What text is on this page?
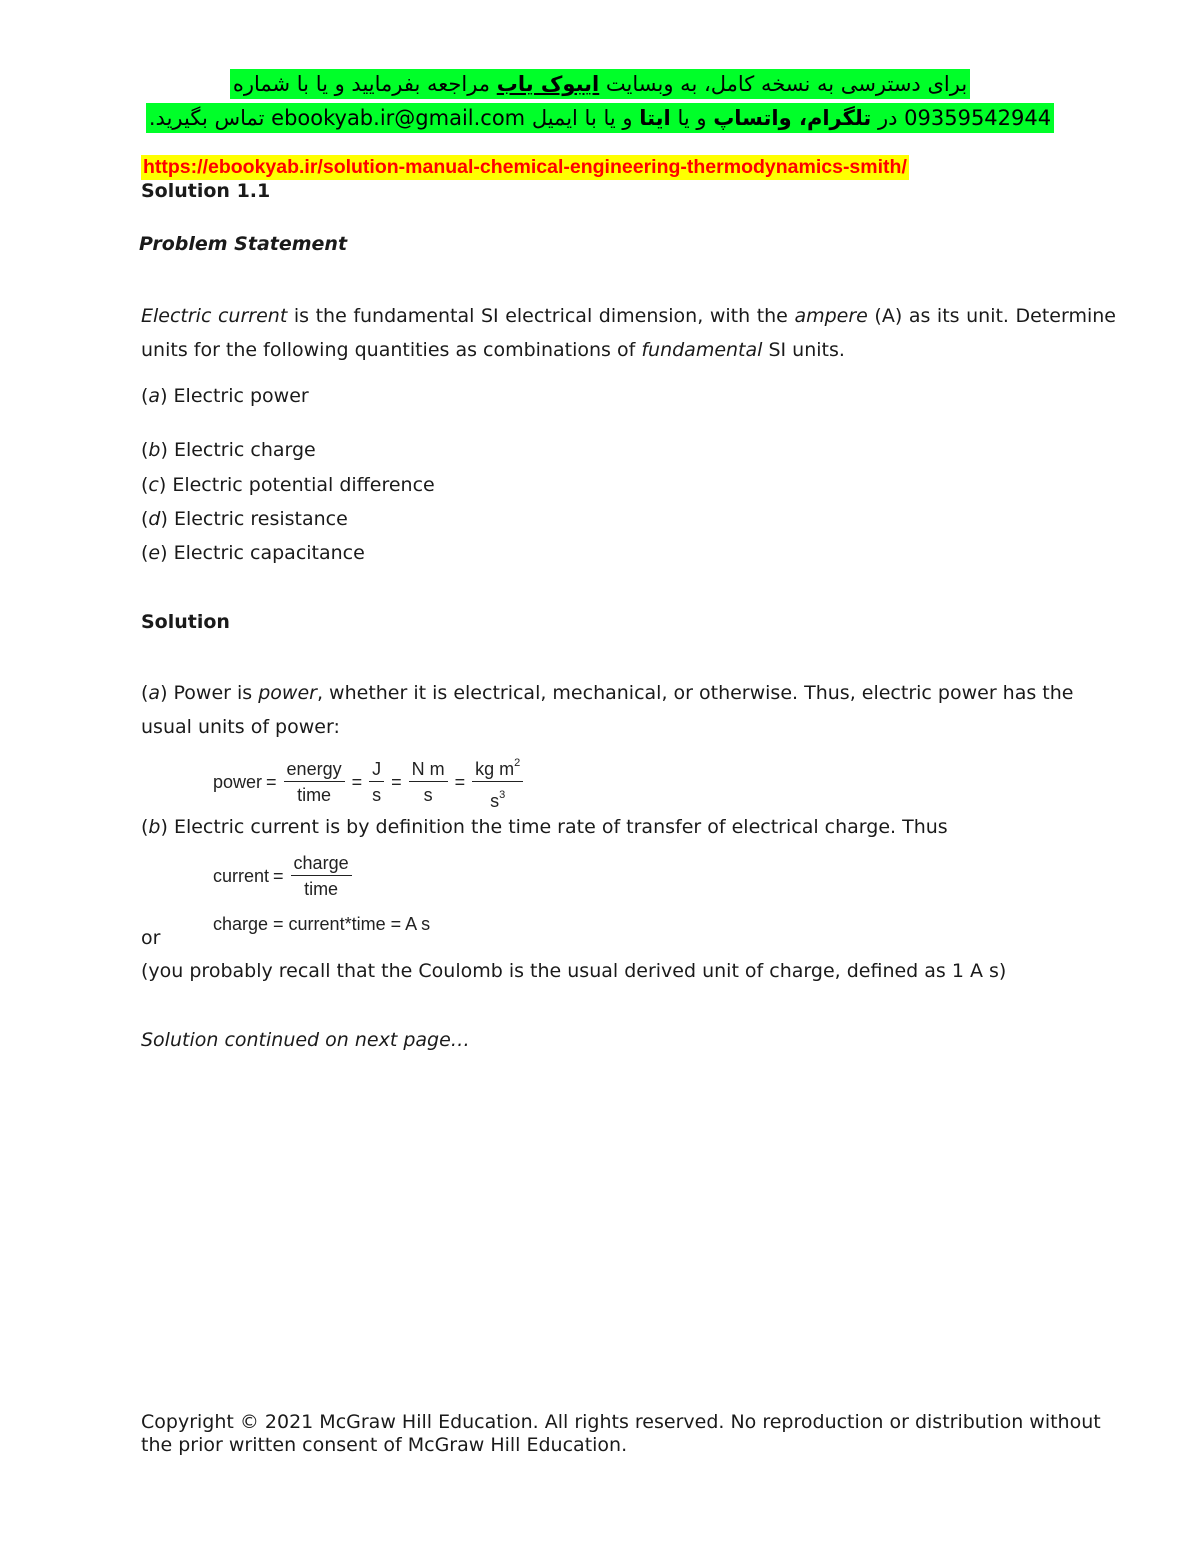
برای دسترسی به نسخه کامل، به وبسایت ایبوک یاب مراجعه بفرمایید و یا با شماره
09359542944 در تلگرام، واتساپ و یا ایتا و یا با ایمیل ebookyab.ir@gmail.com تماس بگیرید.
https://ebookyab.ir/solution-manual-chemical-engineering-thermodynamics-smith/
Solution 1.1
Problem Statement
Electric current is the fundamental SI electrical dimension, with the ampere (A) as its unit. Determine units for the following quantities as combinations of fundamental SI units.
(a) Electric power
(b) Electric charge
(c) Electric potential difference
(d) Electric resistance
(e) Electric capacitance
Solution
(a) Power is power, whether it is electrical, mechanical, or otherwise. Thus, electric power has the usual units of power:
power = $\frac{\text{energy}}{\text{time}} = \frac{J}{s} = \frac{\text{N m}}{s} = \frac{kg m^2}{s^3}$
(b) Electric current is by definition the time rate of transfer of electrical charge. Thus
current = $\frac{\text{charge}}{\text{time}}$
or
charge = current*time = A s
(you probably recall that the Coulomb is the usual derived unit of charge, defined as 1 A s)
Solution continued on next page…
Copyright © 2021 McGraw Hill Education. All rights reserved. No reproduction or distribution without the prior written consent of McGraw Hill Education.
